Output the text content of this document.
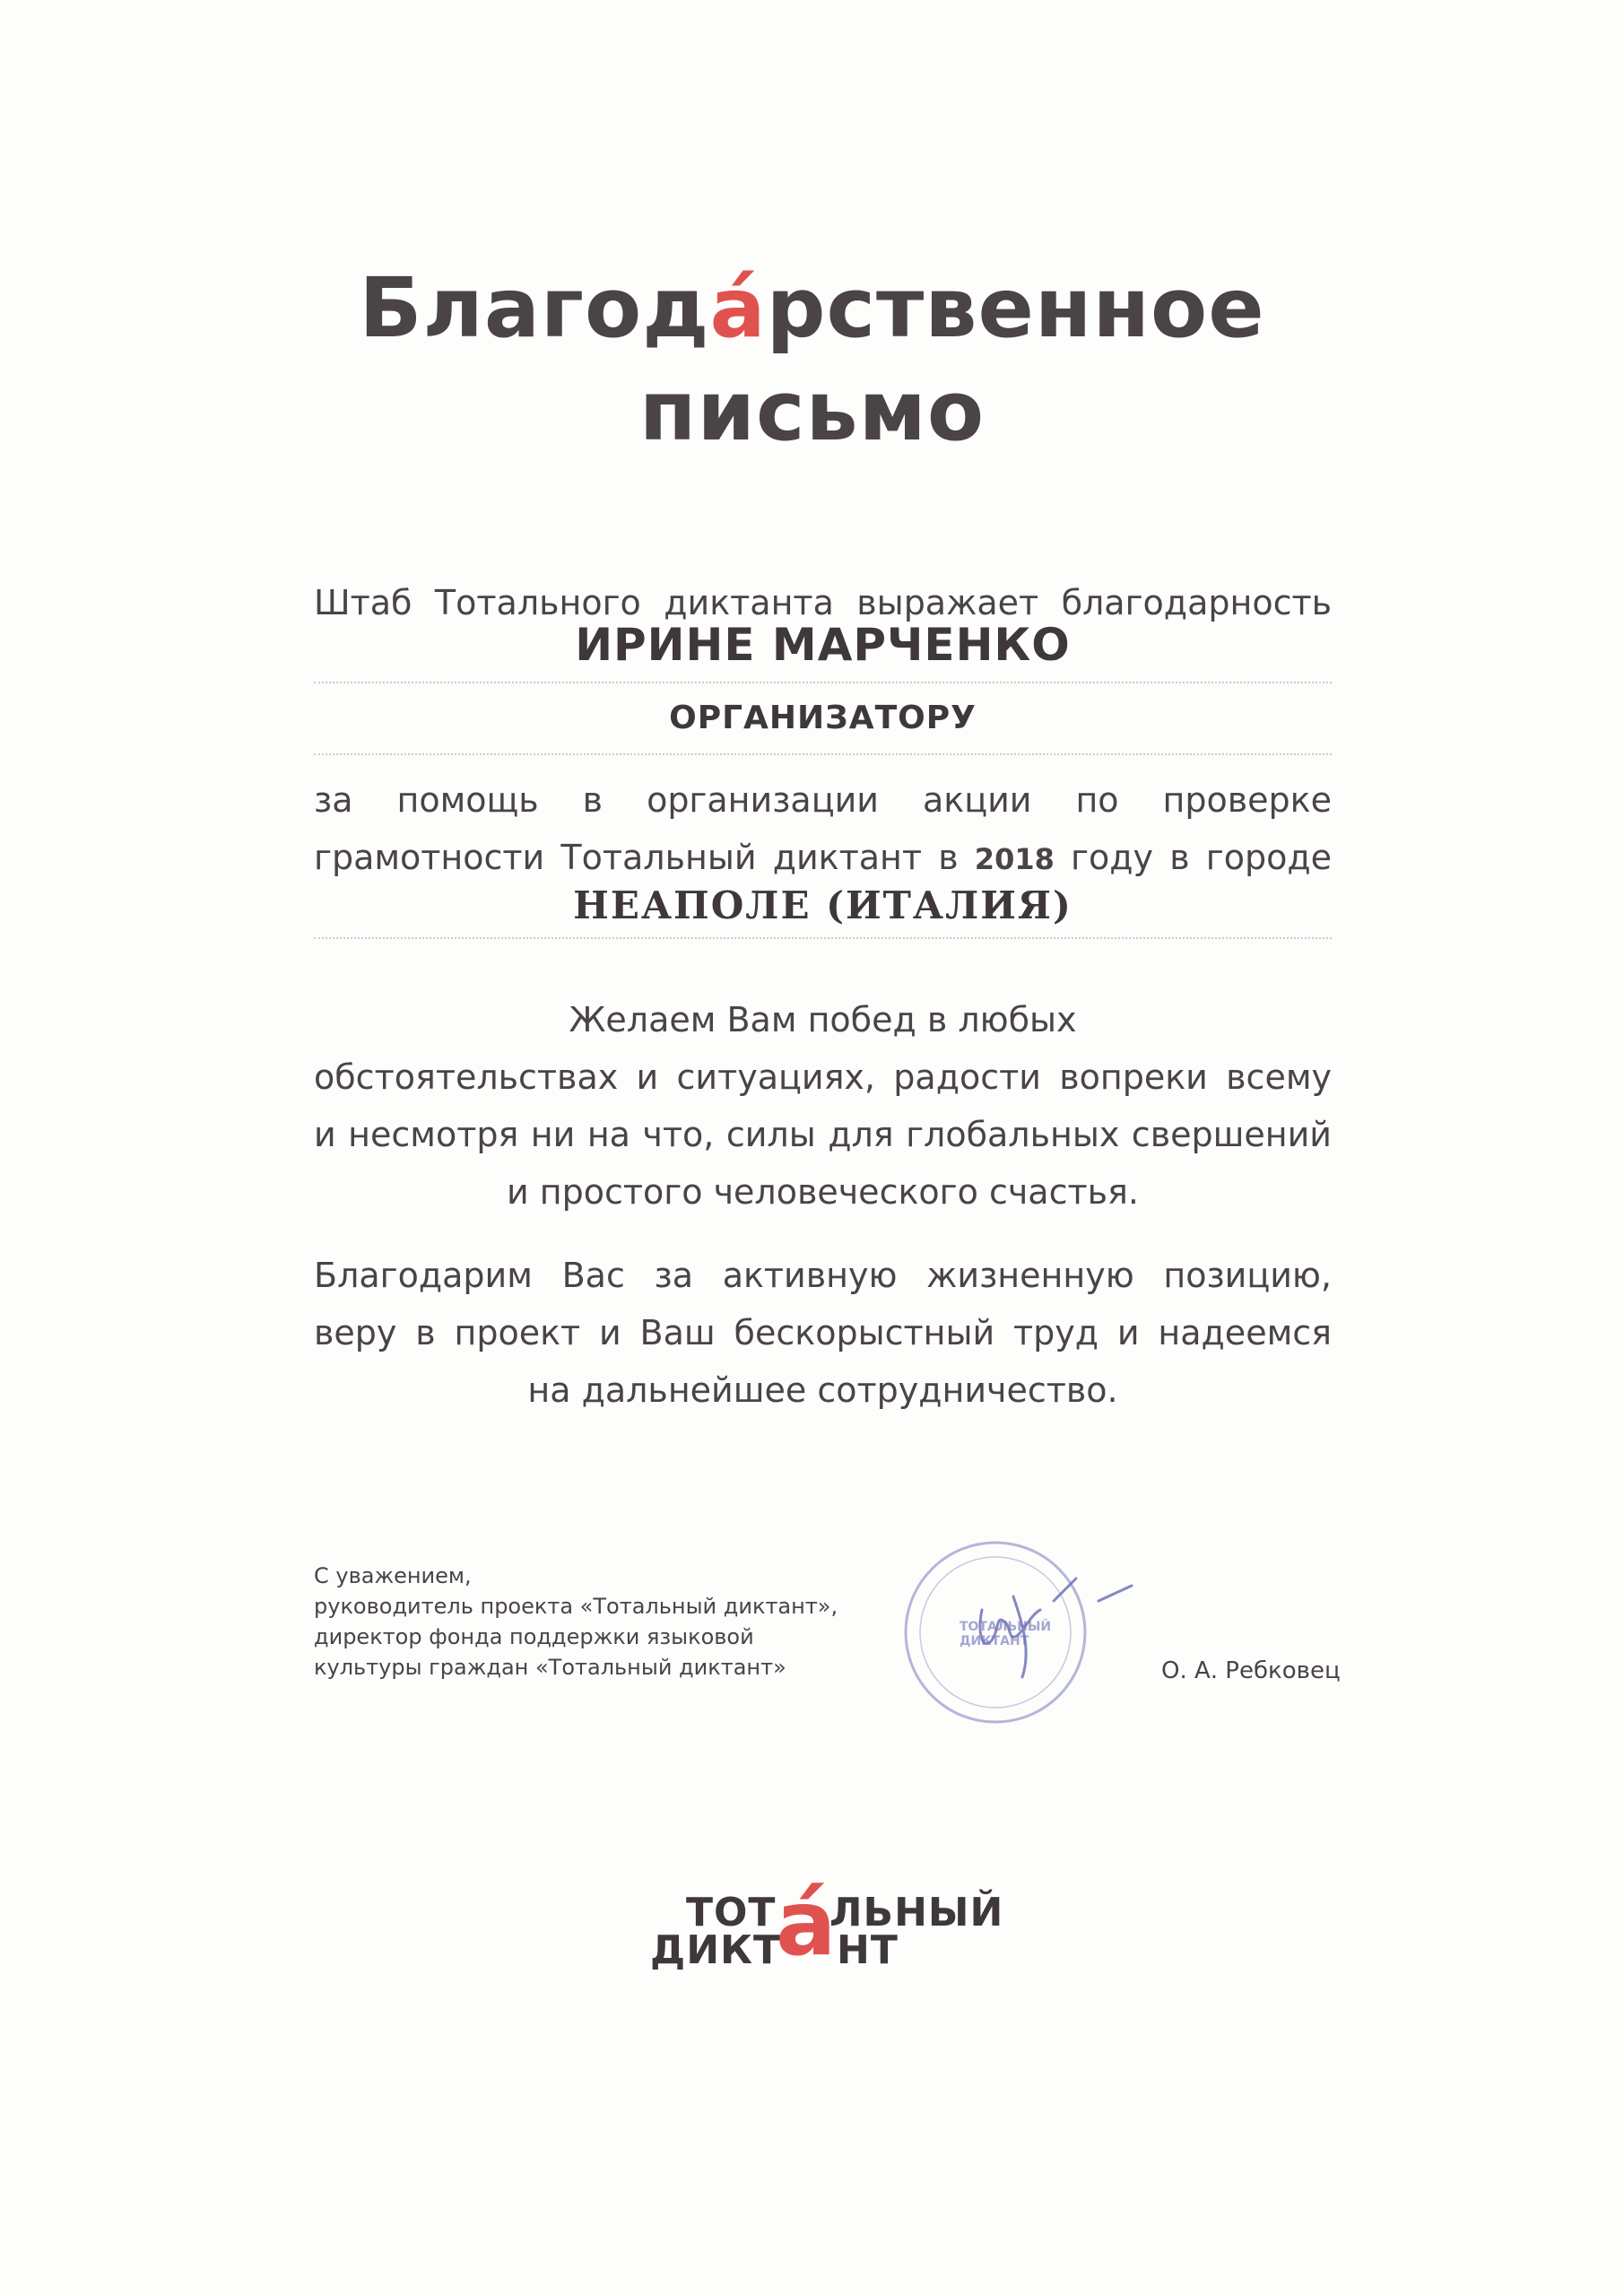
Благода́рственное
письмо

Штаб Тотального диктанта выражает благодарность

ИРИНЕ МАРЧЕНКО

ОРГАНИЗАТОРУ

за помощь в организации акции по проверке

грамотности Тотальный диктант в 2018 году в городе

НЕАПОЛЕ (ИТАЛИЯ)

Желаем Вам побед в любых

обстоятельствах и ситуациях, радости вопреки всему

и несмотря ни на что, силы для глобальных свершений

и простого человеческого счастья.

Благодарим Вас за активную жизненную позицию,

веру в проект и Ваш бескорыстный труд и надеемся

на дальнейшее сотрудничество.

С уважением,

руководитель проекта «Тотальный диктант»,

директор фонда поддержки языковой

культуры граждан «Тотальный диктант»

ТОТАЛЬНЫЙ
ДИКТАНТ

О. А. Ребковец

ТОТ ЛЬНЫЙ
ДИКТ НТ
а́
